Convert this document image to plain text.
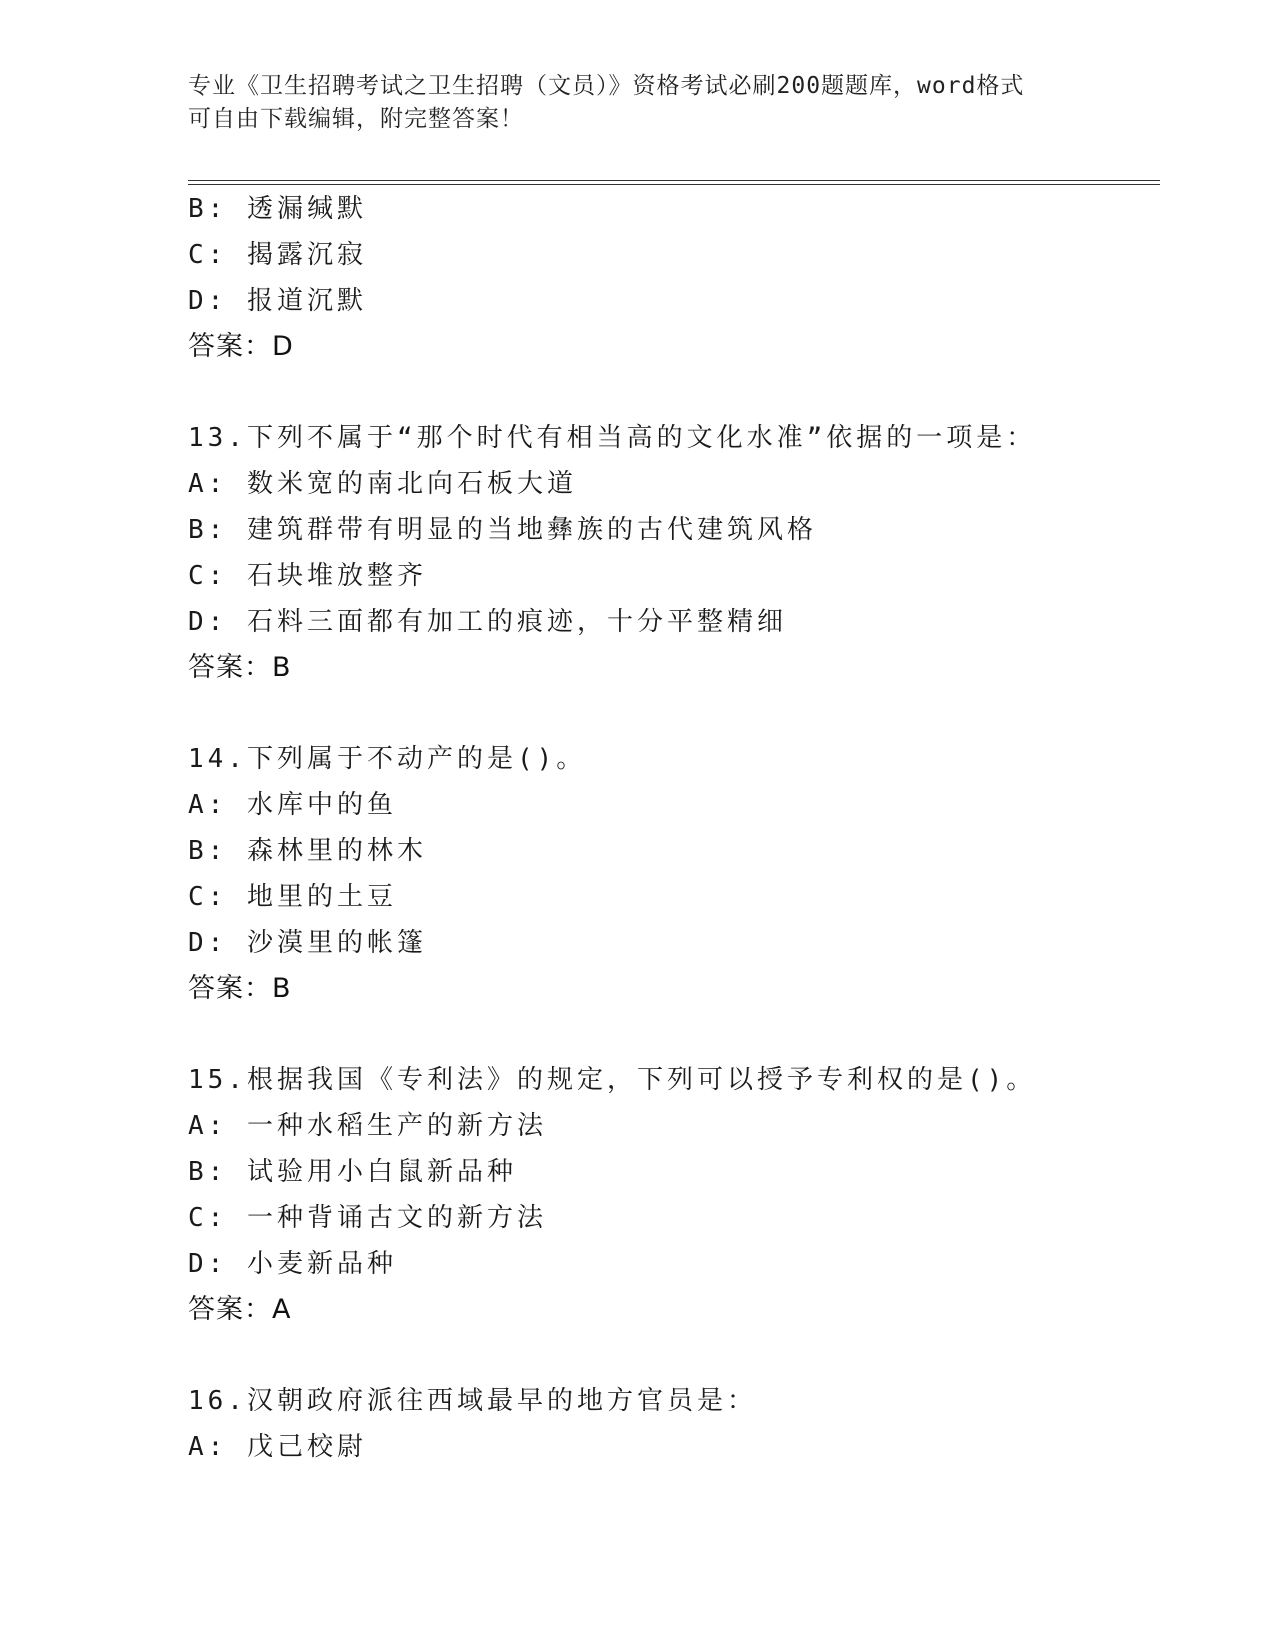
专业《卫生招聘考试之卫生招聘（文员）》资格考试必刷200题题库，word格式
可自由下载编辑，附完整答案！
B: 透漏缄默
C: 揭露沉寂
D: 报道沉默
答案：D
13.下列不属于“那个时代有相当高的文化水准”依据的一项是：
A: 数米宽的南北向石板大道
B: 建筑群带有明显的当地彝族的古代建筑风格
C: 石块堆放整齐
D: 石料三面都有加工的痕迹，十分平整精细
答案：B
14.下列属于不动产的是()。
A: 水库中的鱼
B: 森林里的林木
C: 地里的土豆
D: 沙漠里的帐篷
答案：B
15.根据我国《专利法》的规定，下列可以授予专利权的是()。
A: 一种水稻生产的新方法
B: 试验用小白鼠新品种
C: 一种背诵古文的新方法
D: 小麦新品种
答案：A
16.汉朝政府派往西域最早的地方官员是：
A: 戊己校尉
